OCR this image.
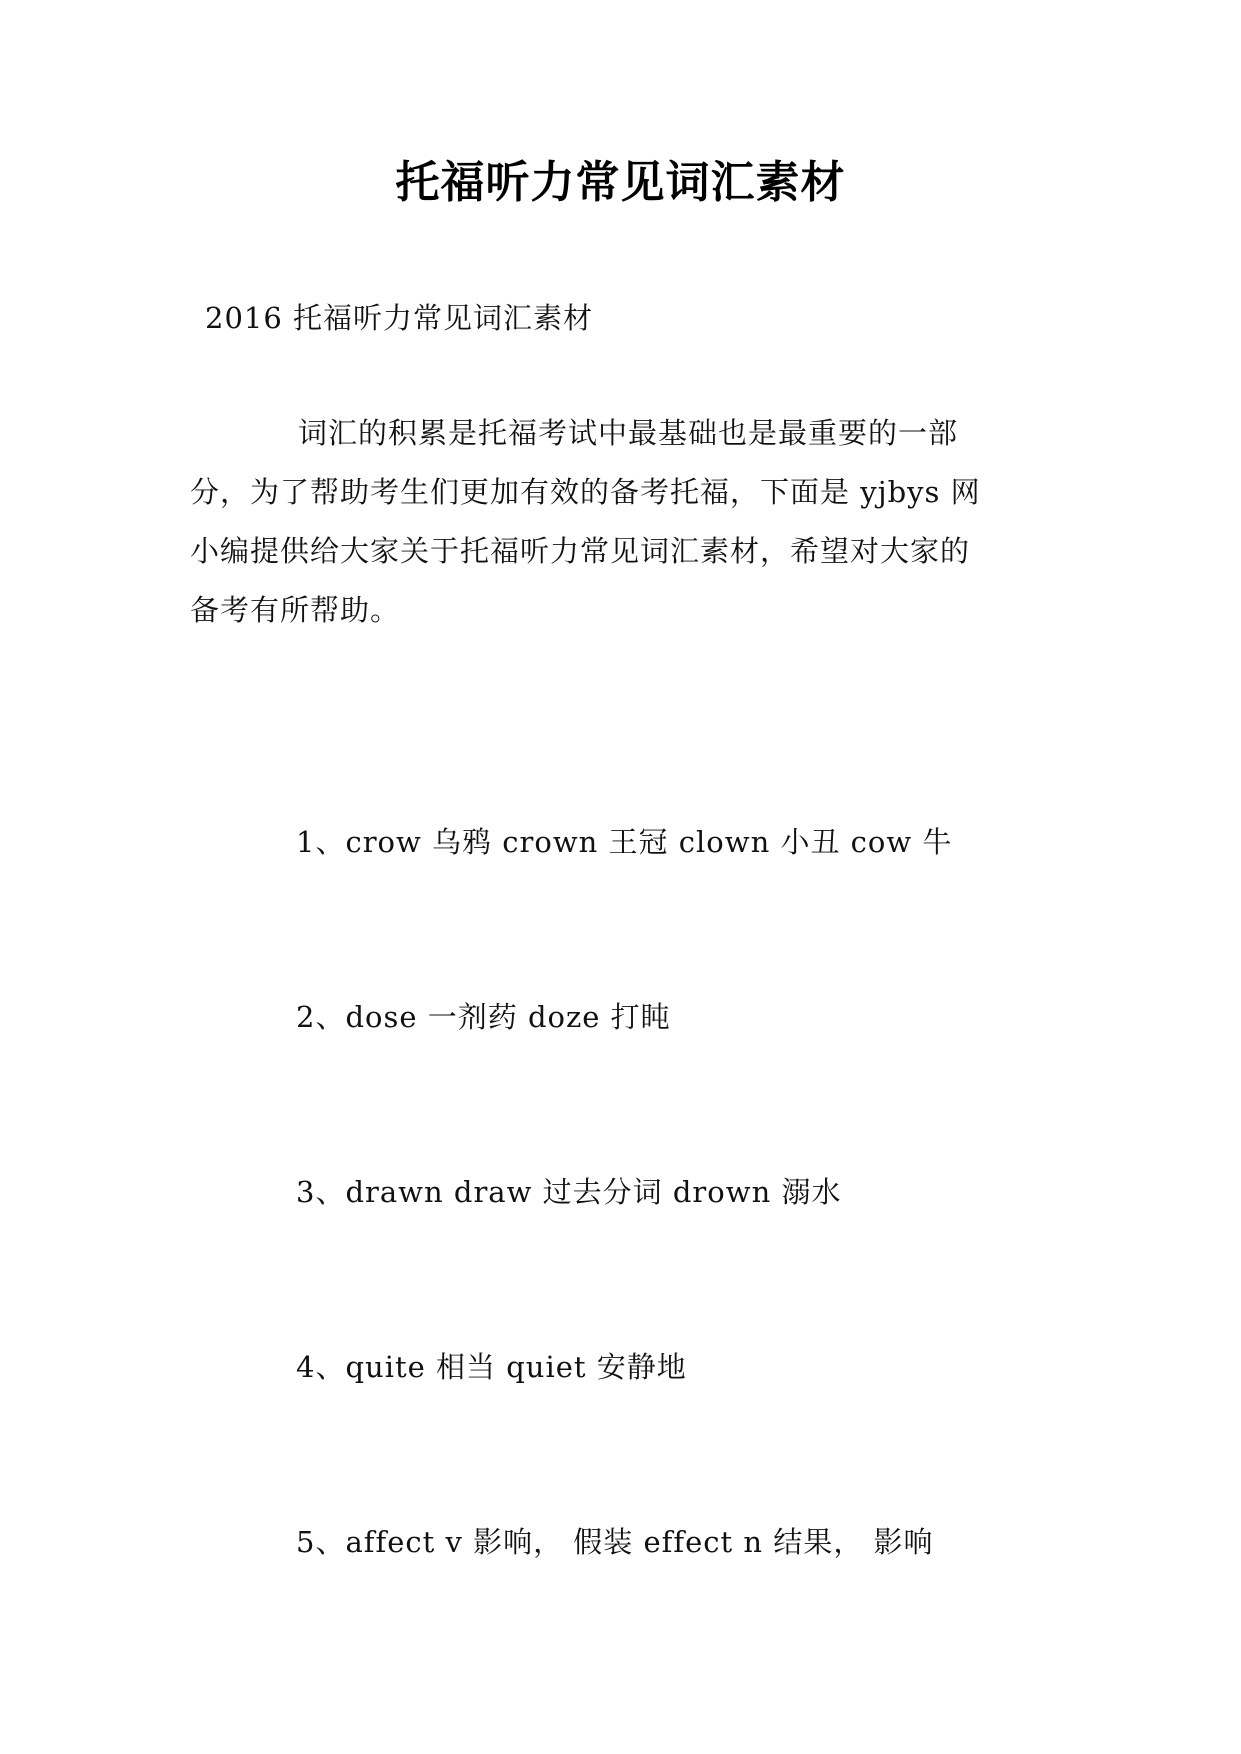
托福听力常见词汇素材
2016 托福听力常见词汇素材
词汇的积累是托福考试中最基础也是最重要的一部
分，为了帮助考生们更加有效的备考托福，下面是 yjbys 网
小编提供给大家关于托福听力常见词汇素材，希望对大家的
备考有所帮助。
1、crow 乌鸦 crown 王冠 clown 小丑 cow 牛
2、dose 一剂药 doze 打盹
3、drawn draw 过去分词 drown 溺水
4、quite 相当 quiet 安静地
5、affect v 影响， 假装 effect n 结果， 影响
